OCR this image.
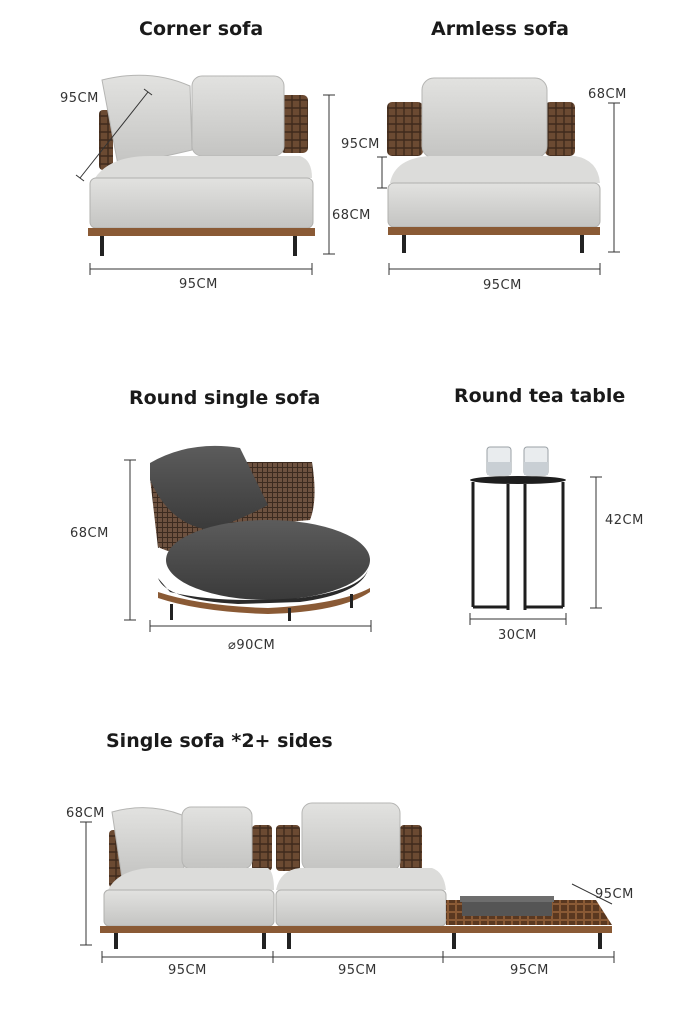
Corner sofa
95CM
68CM
95CM
Armless sofa
68CM
95CM
95CM
Round single sofa
68CM
⌀90CM
Round tea table
42CM
30CM
Single sofa *2+ sides
68CM
95CM
95CM	95CM	95CM
